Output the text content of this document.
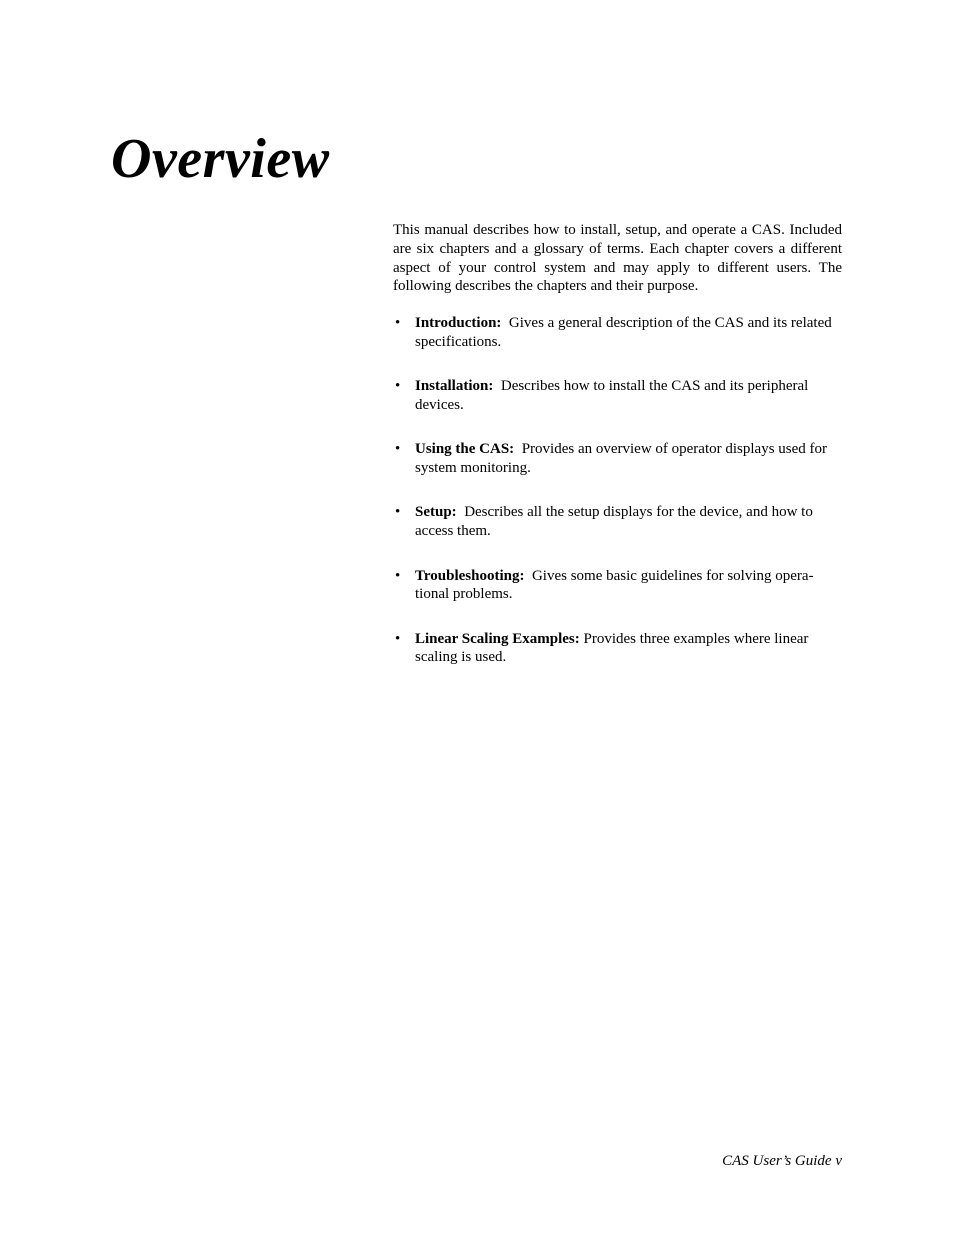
Overview

This manual describes how to install, setup, and operate a CAS. Included are six chapters and a glossary of terms. Each chapter covers a different aspect of your control system and may apply to different users. The following describes the chapters and their purpose.

• Introduction: Gives a general description of the CAS and its related specifications.
• Installation: Describes how to install the CAS and its peripheral devices.
• Using the CAS: Provides an overview of operator displays used for system monitoring.
• Setup: Describes all the setup displays for the device, and how to access them.
• Troubleshooting: Gives some basic guidelines for solving opera-tional problems.
• Linear Scaling Examples: Provides three examples where linear scaling is used.
CAS User’s Guide v
